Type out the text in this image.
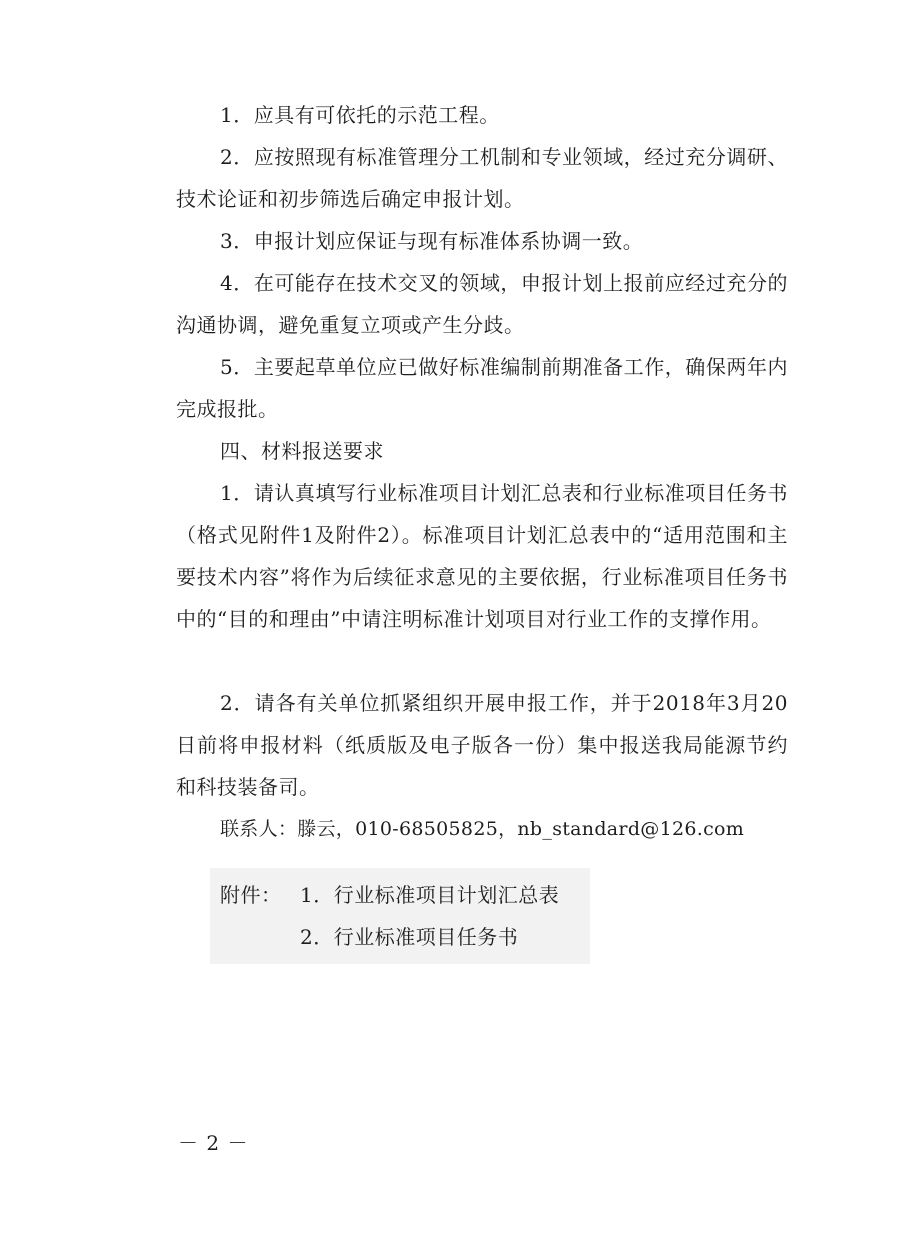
1．应具有可依托的示范工程。

2．应按照现有标准管理分工机制和专业领域，经过充分调研、技术论证和初步筛选后确定申报计划。

3．申报计划应保证与现有标准体系协调一致。

4．在可能存在技术交叉的领域，申报计划上报前应经过充分的沟通协调，避免重复立项或产生分歧。

5．主要起草单位应已做好标准编制前期准备工作，确保两年内完成报批。

四、材料报送要求

1．请认真填写行业标准项目计划汇总表和行业标准项目任务书（格式见附件1及附件2）。标准项目计划汇总表中的“适用范围和主要技术内容”将作为后续征求意见的主要依据，行业标准项目任务书中的“目的和理由”中请注明标准计划项目对行业工作的支撑作用。

2．请各有关单位抓紧组织开展申报工作，并于2018年3月20日前将申报材料（纸质版及电子版各一份）集中报送我局能源节约和科技装备司。

联系人：滕云，010-68505825，nb_standard@126.com

附件： 1．行业标准项目计划汇总表
2．行业标准项目任务书
－ 2 －
